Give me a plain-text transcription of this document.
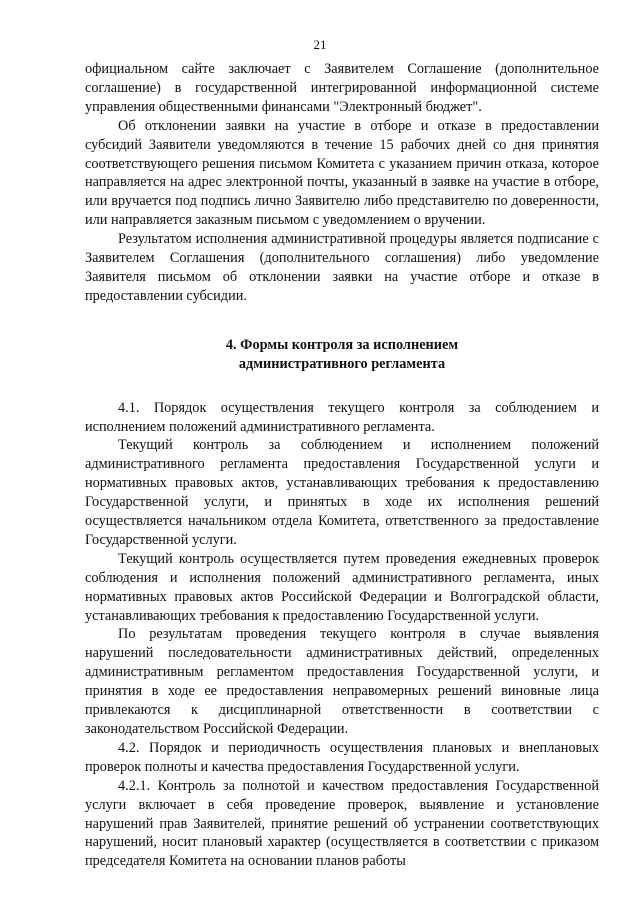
21

официальном сайте заключает с Заявителем Соглашение (дополнительное соглашение) в государственной интегрированной информационной системе управления общественными финансами "Электронный бюджет".

Об отклонении заявки на участие в отборе и отказе в предоставлении субсидий Заявители уведомляются в течение 15 рабочих дней со дня принятия соответствующего решения письмом Комитета с указанием причин отказа, которое направляется на адрес электронной почты, указанный в заявке на участие в отборе, или вручается под подпись лично Заявителю либо представителю по доверенности, или направляется заказным письмом с уведомлением о вручении.

Результатом исполнения административной процедуры является подписание с Заявителем Соглашения (дополнительного соглашения) либо уведомление Заявителя письмом об отклонении заявки на участие отборе и отказе в предоставлении субсидии.

4. Формы контроля за исполнением
административного регламента

4.1. Порядок осуществления текущего контроля за соблюдением и исполнением положений административного регламента.

Текущий контроль за соблюдением и исполнением положений административного регламента предоставления Государственной услуги и нормативных правовых актов, устанавливающих требования к предоставлению Государственной услуги, и принятых в ходе их исполнения решений осуществляется начальником отдела Комитета, ответственного за предоставление Государственной услуги.

Текущий контроль осуществляется путем проведения ежедневных проверок соблюдения и исполнения положений административного регламента, иных нормативных правовых актов Российской Федерации и Волгоградской области, устанавливающих требования к предоставлению Государственной услуги.

По результатам проведения текущего контроля в случае выявления нарушений последовательности административных действий, определенных административным регламентом предоставления Государственной услуги, и принятия в ходе ее предоставления неправомерных решений виновные лица привлекаются к дисциплинарной ответственности в соответствии с законодательством Российской Федерации.

4.2. Порядок и периодичность осуществления плановых и внеплановых проверок полноты и качества предоставления Государственной услуги.

4.2.1. Контроль за полнотой и качеством предоставления Государственной услуги включает в себя проведение проверок, выявление и установление нарушений прав Заявителей, принятие решений об устранении соответствующих нарушений, носит плановый характер (осуществляется в соответствии с приказом председателя Комитета на основании планов работы
